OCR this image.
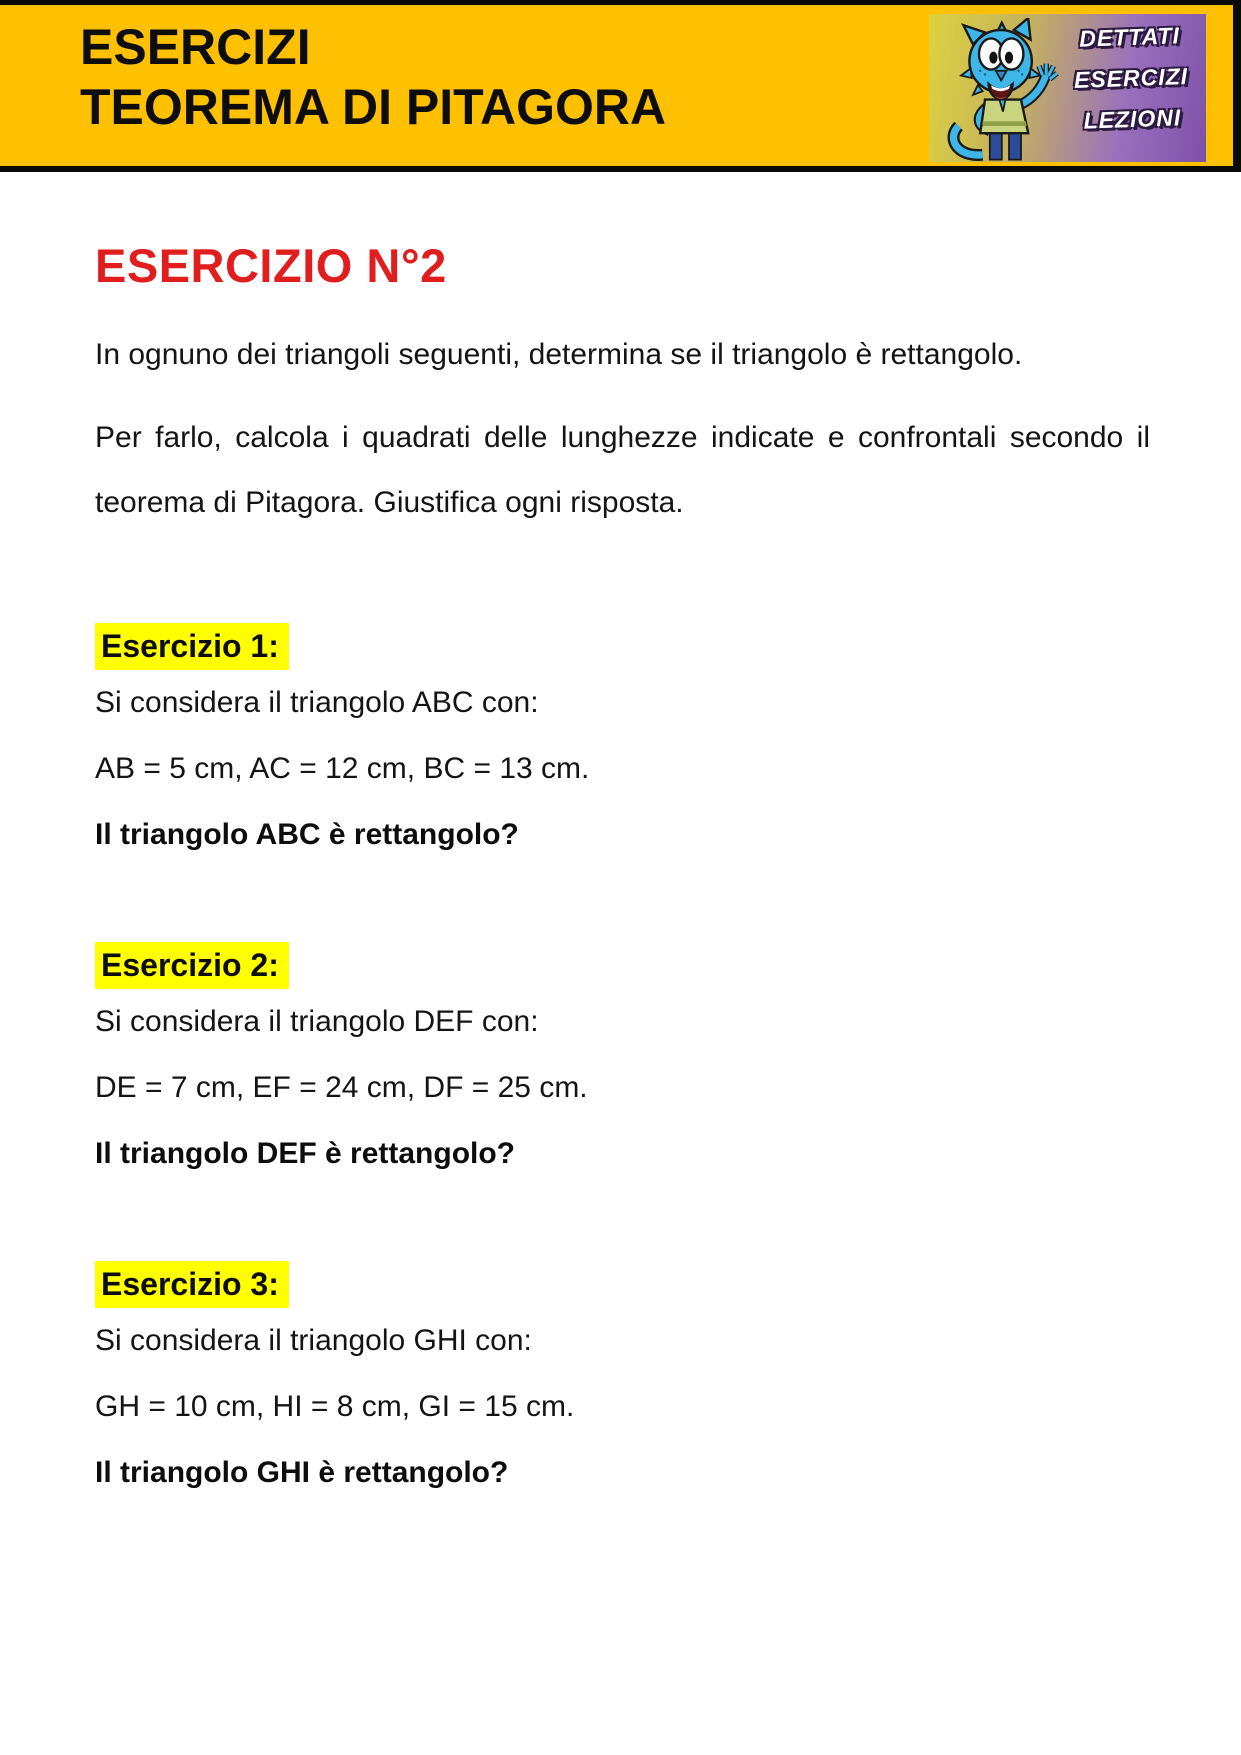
ESERCIZI
TEOREMA DI PITAGORA
DETTATI
ESERCIZI
LEZIONI
ESERCIZIO N°2

In ognuno dei triangoli seguenti, determina se il triangolo è rettangolo.

Per farlo, calcola i quadrati delle lunghezze indicate e confrontali secondo il teorema di Pitagora. Giustifica ogni risposta.

Esercizio 1:

Si considera il triangolo ABC con:

AB = 5 cm, AC = 12 cm, BC = 13 cm.

Il triangolo ABC è rettangolo?

Esercizio 2:

Si considera il triangolo DEF con:

DE = 7 cm, EF = 24 cm, DF = 25 cm.

Il triangolo DEF è rettangolo?

Esercizio 3:

Si considera il triangolo GHI con:

GH = 10 cm, HI = 8 cm, GI = 15 cm.

Il triangolo GHI è rettangolo?
